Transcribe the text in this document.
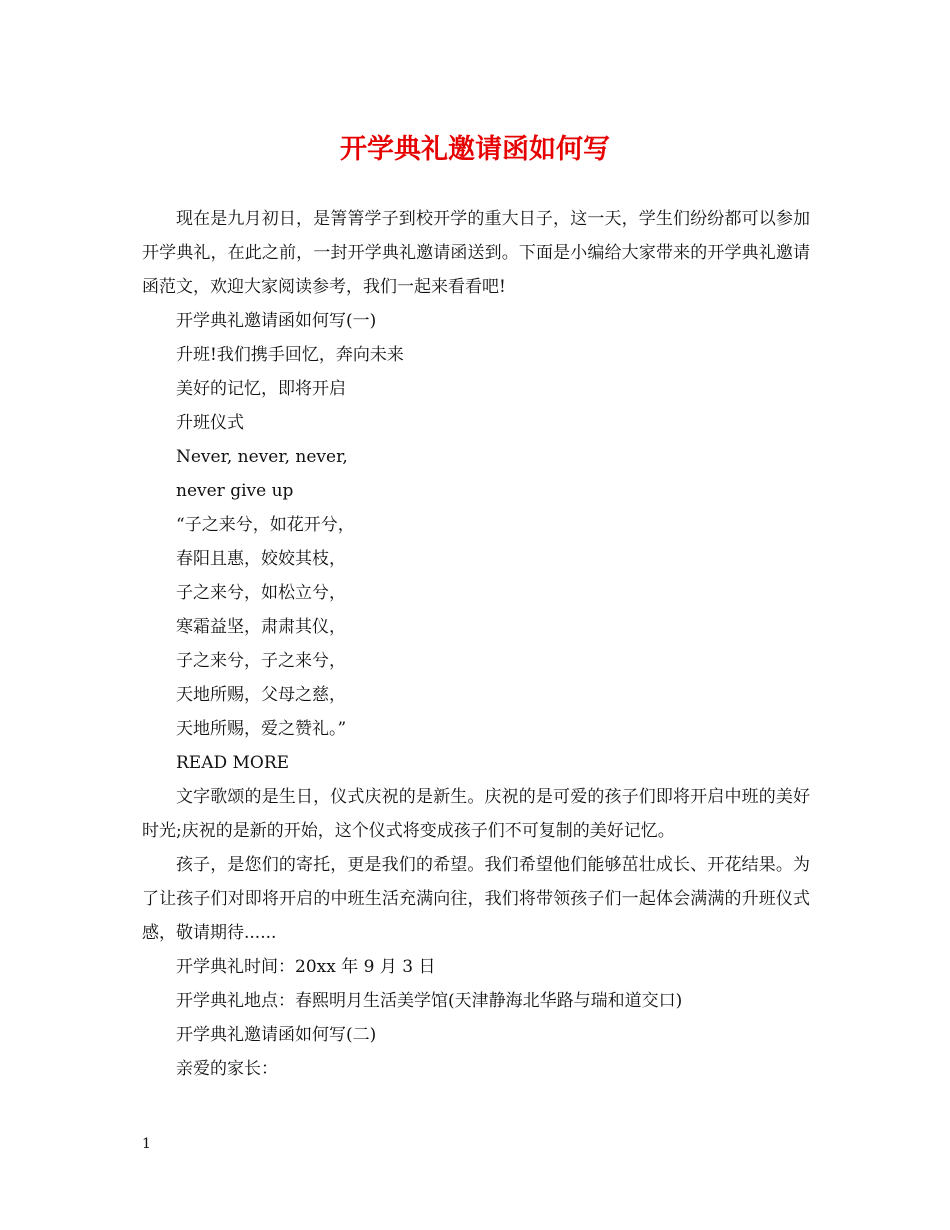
开学典礼邀请函如何写

现在是九月初日，是箐箐学子到校开学的重大日子，这一天，学生们纷纷都可以参加开学典礼，在此之前，一封开学典礼邀请函送到。下面是小编给大家带来的开学典礼邀请函范文，欢迎大家阅读参考，我们一起来看看吧!

开学典礼邀请函如何写(一)

升班!我们携手回忆，奔向未来

美好的记忆，即将开启

升班仪式

Never, never, never,

never give up

“子之来兮，如花开兮，

春阳且惠，姣姣其枝，

子之来兮，如松立兮，

寒霜益坚，肃肃其仪，

子之来兮，子之来兮，

天地所赐，父母之慈，

天地所赐，爱之赞礼。”

READ MORE

文字歌颂的是生日，仪式庆祝的是新生。庆祝的是可爱的孩子们即将开启中班的美好时光;庆祝的是新的开始，这个仪式将变成孩子们不可复制的美好记忆。

孩子，是您们的寄托，更是我们的希望。我们希望他们能够茁壮成长、开花结果。为了让孩子们对即将开启的中班生活充满向往，我们将带领孩子们一起体会满满的升班仪式感，敬请期待......

开学典礼时间：20xx 年 9 月 3 日

开学典礼地点：春熙明月生活美学馆(天津静海北华路与瑞和道交口)

开学典礼邀请函如何写(二)

亲爱的家长：

1
